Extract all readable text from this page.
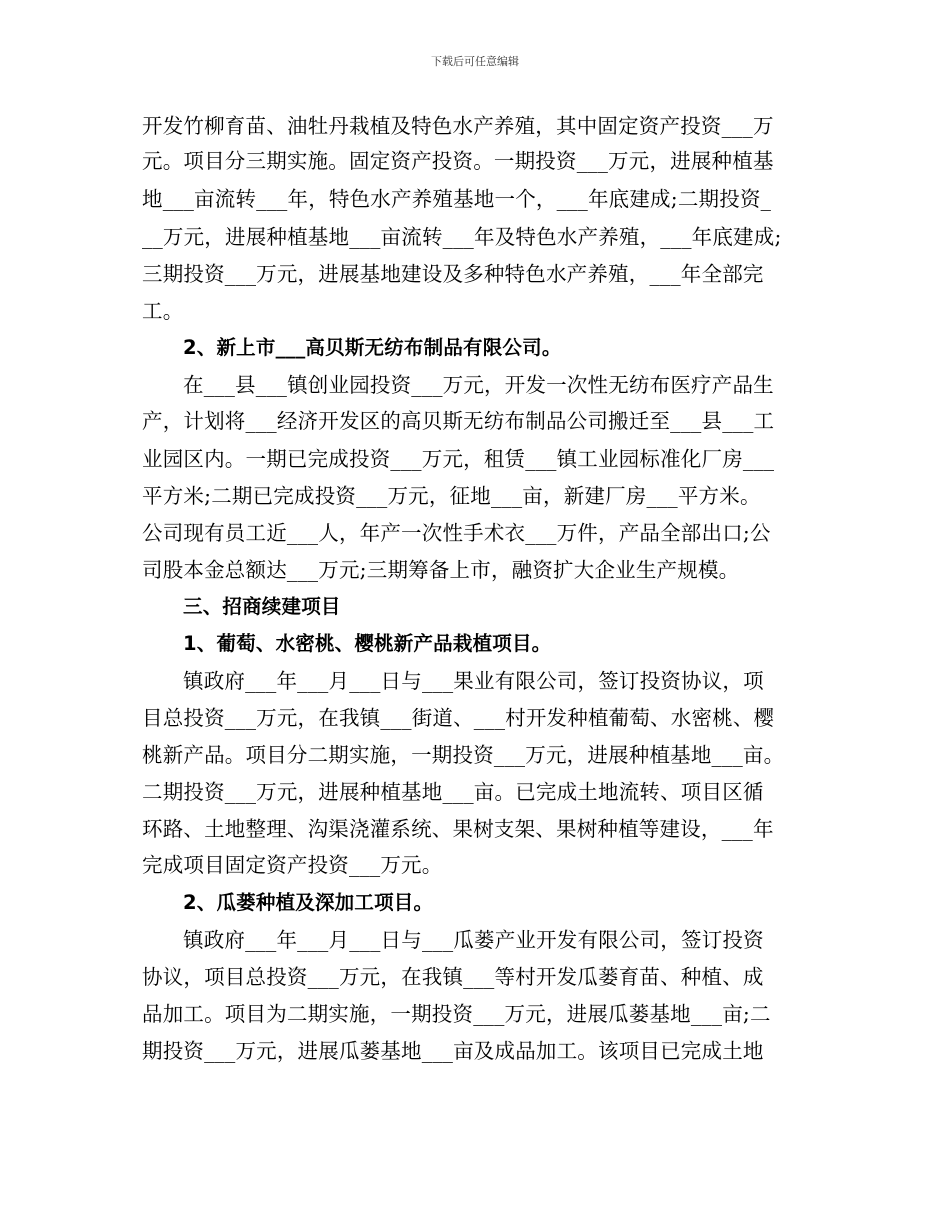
下载后可任意编辑
开发竹柳育苗、油牡丹栽植及特色水产养殖，其中固定资产投资___万
元。项目分三期实施。固定资产投资。一期投资___万元，进展种植基
地___亩流转___年，特色水产养殖基地一个，___年底建成;二期投资_
__万元，进展种植基地___亩流转___年及特色水产养殖，___年底建成;
三期投资___万元，进展基地建设及多种特色水产养殖，___年全部完
工。
2、新上市___高贝斯无纺布制品有限公司。
在___县___镇创业园投资___万元，开发一次性无纺布医疗产品生
产，计划将___经济开发区的高贝斯无纺布制品公司搬迁至___县___工
业园区内。一期已完成投资___万元，租赁___镇工业园标准化厂房___
平方米;二期已完成投资___万元，征地___亩，新建厂房___平方米。
公司现有员工近___人，年产一次性手术衣___万件，产品全部出口;公
司股本金总额达___万元;三期筹备上市，融资扩大企业生产规模。
三、招商续建项目
1、葡萄、水密桃、樱桃新产品栽植项目。
镇政府___年___月___日与___果业有限公司，签订投资协议，项
目总投资___万元，在我镇___街道、___村开发种植葡萄、水密桃、樱
桃新产品。项目分二期实施，一期投资___万元，进展种植基地___亩。
二期投资___万元，进展种植基地___亩。已完成土地流转、项目区循
环路、土地整理、沟渠浇灌系统、果树支架、果树种植等建设，___年
完成项目固定资产投资___万元。
2、瓜蒌种植及深加工项目。
镇政府___年___月___日与___瓜蒌产业开发有限公司，签订投资
协议，项目总投资___万元，在我镇___等村开发瓜蒌育苗、种植、成
品加工。项目为二期实施，一期投资___万元，进展瓜蒌基地___亩;二
期投资___万元，进展瓜蒌基地___亩及成品加工。该项目已完成土地
